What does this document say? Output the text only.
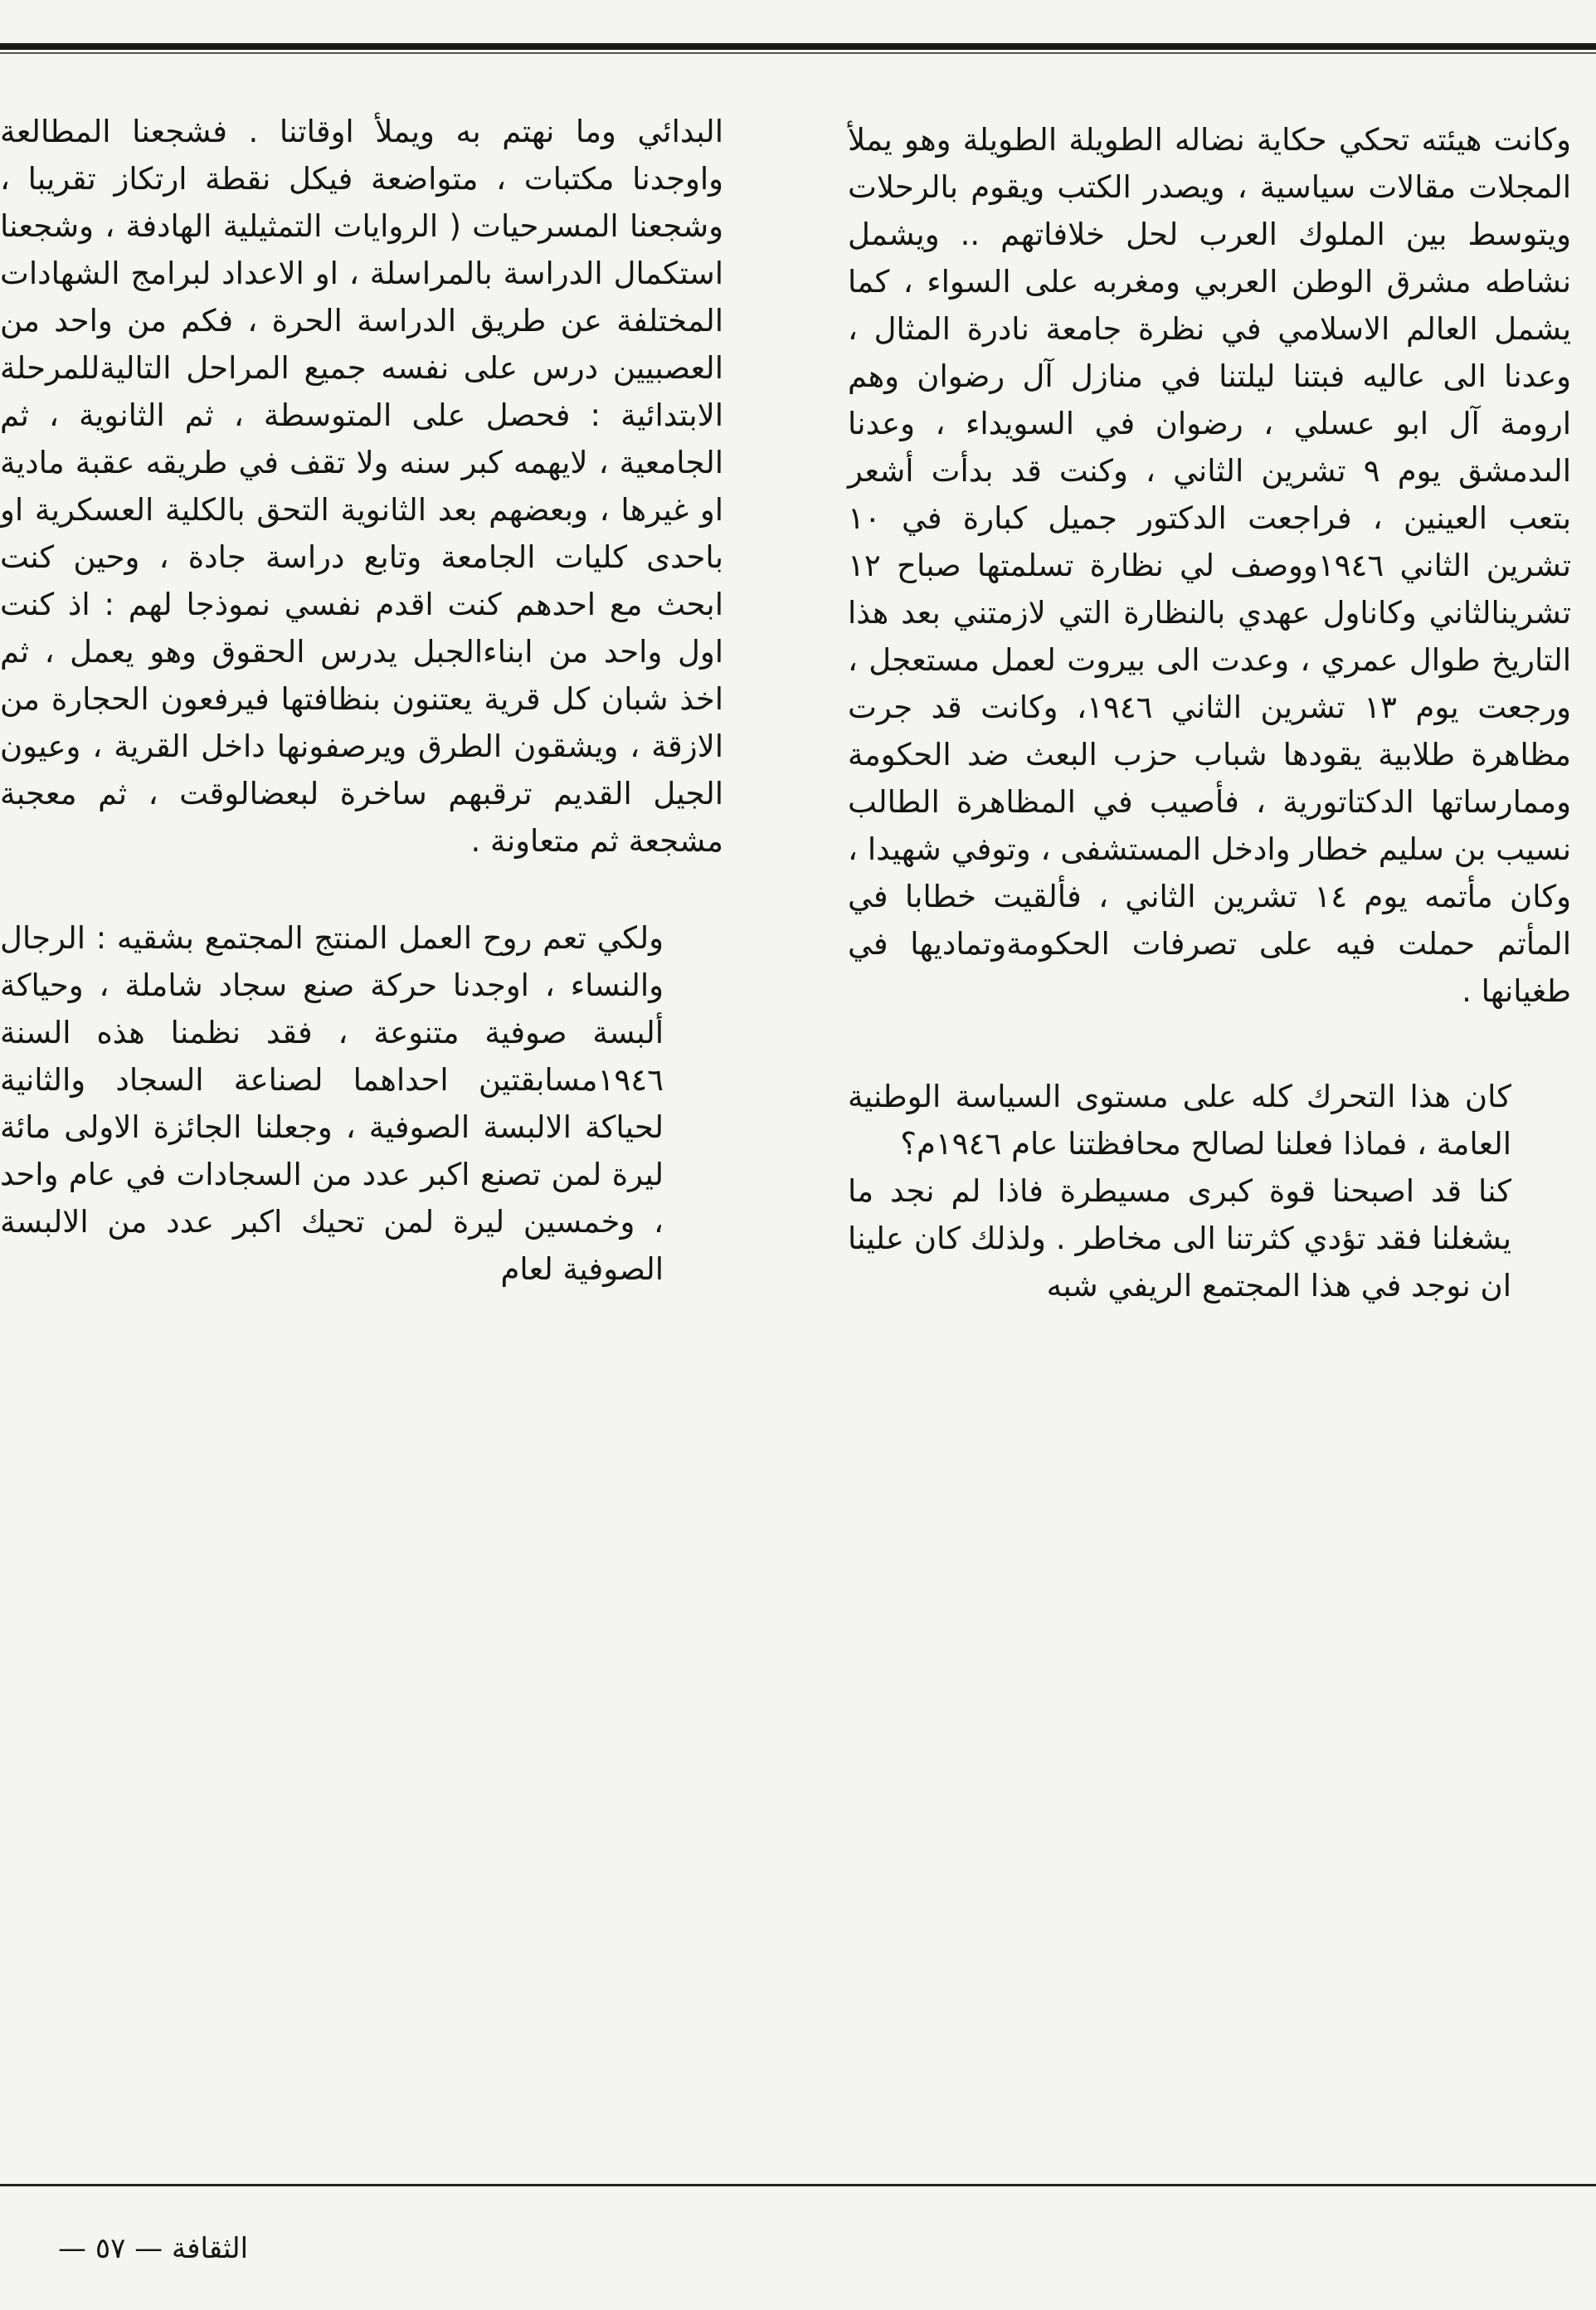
وكانت هيئته تحكي حكاية نضاله الطويلة الطويلة وهو يملأ المجلات مقالات سياسية ، ويصدر الكتب ويقوم بالرحلات ويتوسط بين الملوك العرب لحل خلافاتهم .. ويشمل نشاطه مشرق الوطن العربي ومغربه على السواء ، كما يشمل العالم الاسلامي في نظرة جامعة نادرة المثال ، وعدنا الى عاليه فبتنا ليلتنا في منازل آل رضوان وهم ارومة آل ابو عسلي ، رضوان في السويداء ، وعدنا الىدمشق يوم ٩ تشرين الثاني ، وكنت قد بدأت أشعر بتعب العينين ، فراجعت الدكتور جميل كبارة في ١٠ تشرين الثاني ١٩٤٦ووصف لي نظارة تسلمتها صباح ١٢ تشرينالثاني وكاناول عهدي بالنظارة التي لازمتني بعد هذا التاريخ طوال عمري ، وعدت الى بيروت لعمل مستعجل ، ورجعت يوم ١٣ تشرين الثاني ١٩٤٦، وكانت قد جرت مظاهرة طلابية يقودها شباب حزب البعث ضد الحكومة وممارساتها الدكتاتورية ، فأصيب في المظاهرة الطالب نسيب بن سليم خطار وادخل المستشفى ، وتوفي شهيدا ، وكان مأتمه يوم ١٤ تشرين الثاني ، فألقيت خطابا في المأتم حملت فيه على تصرفات الحكومةوتماديها في طغيانها .

كان هذا التحرك كله على مستوى السياسة الوطنية العامة ، فماذا فعلنا لصالح محافظتنا عام ١٩٤٦م؟

كنا قد اصبحنا قوة كبرى مسيطرة فاذا لم نجد ما يشغلنا فقد تؤدي كثرتنا الى مخاطر . ولذلك كان علينا ان نوجد في هذا المجتمع الريفي شبه

البدائي وما نهتم به ويملأ اوقاتنا . فشجعنا المطالعة واوجدنا مكتبات ، متواضعة فيكل نقطة ارتكاز تقريبا ، وشجعنا المسرحيات ( الروايات التمثيلية الهادفة ، وشجعنا استكمال الدراسة بالمراسلة ، او الاعداد لبرامج الشهادات المختلفة عن طريق الدراسة الحرة ، فكم من واحد من العصبيين درس على نفسه جميع المراحل التاليةللمرحلة الابتدائية : فحصل على المتوسطة ، ثم الثانوية ، ثم الجامعية ، لايهمه كبر سنه ولا تقف في طريقه عقبة مادية او غيرها ، وبعضهم بعد الثانوية التحق بالكلية العسكرية او باحدى كليات الجامعة وتابع دراسة جادة ، وحين كنت ابحث مع احدهم كنت اقدم نفسي نموذجا لهم : اذ كنت اول واحد من ابناءالجبل يدرس الحقوق وهو يعمل ، ثم اخذ شبان كل قرية يعتنون بنظافتها فيرفعون الحجارة من الازقة ، ويشقون الطرق ويرصفونها داخل القرية ، وعيون الجيل القديم ترقبهم ساخرة لبعضالوقت ، ثم معجبة مشجعة ثم متعاونة .

ولكي تعم روح العمل المنتج المجتمع بشقيه : الرجال والنساء ، اوجدنا حركة صنع سجاد شاملة ، وحياكة ألبسة صوفية متنوعة ، فقد نظمنا هذه السنة ١٩٤٦مسابقتين احداهما لصناعة السجاد والثانية لحياكة الالبسة الصوفية ، وجعلنا الجائزة الاولى مائة ليرة لمن تصنع اكبر عدد من السجادات في عام واحد ، وخمسين ليرة لمن تحيك اكبر عدد من الالبسة الصوفية لعام

الثقافة — ٥٧ —
